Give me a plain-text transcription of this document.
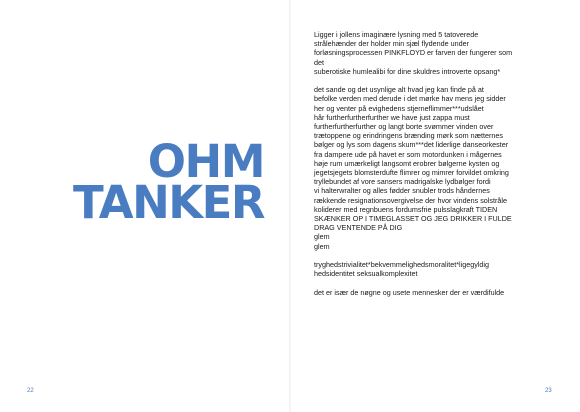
OHM
TANKER
Ligger i jollens imaginære lysning med 5 tatoverede
strålehænder der holder min sjæl flydende under
forløsningsprocessen PINKFLOYD er farven der fungerer som
det
suberotiske humlealibi for dine skuldres introverte opsang*
det sande og det usynlige alt hvad jeg kan finde på at
befolke verden med derude i det mørke hav mens jeg sidder
her og venter på evighedens stjerneflimmer***udslået
hår furtherfurtherfurther we have just zappa must
furtherfurtherfurther og langt borte svømmer vinden over
trætoppene og erindringens brænding mørk som nætternes
bølger og lys som dagens skum***det liderlige danseorkester
fra dampere ude på havet er som motordunken i mågernes
høje rum umærkeligt langsomt erobrer bølgerne kysten og
jegetsjegets blomsterdufte flimrer og mimrer forvildet omkring
tryllebundet af vore sansers madrigalske lydbølger fordi
vi halterwralter og alles fødder snubler trods håndernes
rækkende resignationsovergivelse der hvor vindens solstråle
koliderer med regnbuens fordumsfrie pulsslagkraft TIDEN
SKÆNKER OP I TIMEGLASSET OG JEG DRIKKER I FULDE
DRAG VENTENDE PÅ DIG
glem
glem
tryghedstrivialitet*bekvemmelighedsmoralitet*ligegyldig
hedsidentitet seksualkomplexitet
det er især de nøgne og usete mennesker der er værdifulde
22	23
